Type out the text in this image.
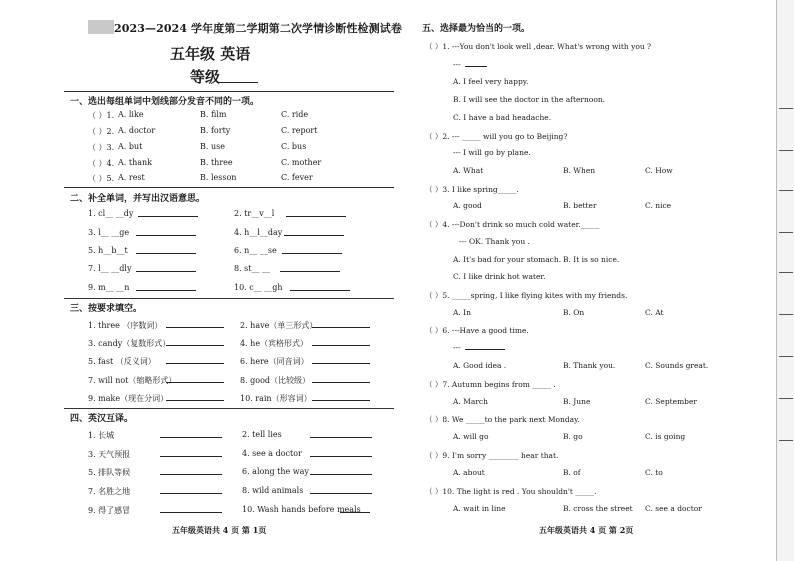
2023—2024 学年度第二学期第二次学情诊断性检测试卷
五年级 英语
等级
一、选出每组单词中划线部分发音不同的一项。
（ ）1. A. like	B. film	C. ride
（ ）2. A. doctor	B. forty	C. report
（ ）3. A. but	B. use	C. bus
（ ）4. A. thank	B. three	C. mother
（ ）5. A. rest	B. lesson	C. fever
二、补全单词，并写出汉语意思。
1. cl__ __dy	2. tr__v__l
3. l__ __ge	4. h__l__day
5. h__b__t	6. n__ __se
7. l__ __dly	8. st__ __
9. m__ __n	10. c__ __gh
三、按要求填空。
1. three （序数词）	2. have（单三形式）
3. candy（复数形式）	4. he（宾格形式）
5. fast （反义词）	6. here（同音词）
7. will not（缩略形式）	8. good（比较级）
9. make（现在分词）	10. rain（形容词）
四、英汉互译。
1. 长城	2. tell lies
3. 天气预报	4. see a doctor
5. 排队等候	6. along the way
7. 名胜之地	8. wild animals
9. 得了感冒	10. Wash hands before meals
五年级英语共 4 页 第 1页
五、选择最为恰当的一项。
（ ）1. ---You don't look well ,dear. What's wrong with you ?
---
A. I feel very happy.
B. I will see the doctor in the afternoon.
C. I have a bad headache.
（ ）2. --- _____ will you go to Beijing?
--- I will go by plane.
A. What	B. When	C. How
（ ）3. I like spring_____.
A. good	B. better	C. nice
（ ）4. ---Don't drink so much cold water._____
--- OK. Thank you .
A. It's bad for your stomach. B. It is so nice.
C. I like drink hot water.
（ ）5. _____spring, I like flying kites with my friends.
A. In	B. On	C. At
（ ）6. ---Have a good time.
---
A. Good idea .	B. Thank you.	C. Sounds great.
（ ）7. Autumn begins from _____ .
A. March	B. June	C. September
（ ）8. We _____to the park next Monday.
A. will go	B. go	C. is going
（ ）9. I'm sorry ________ hear that.
A. about	B. of	C. to
（ ）10. The light is red . You shouldn't _____.
A. wait in line	B. cross the street C. see a doctor
五年级英语共 4 页 第 2页
